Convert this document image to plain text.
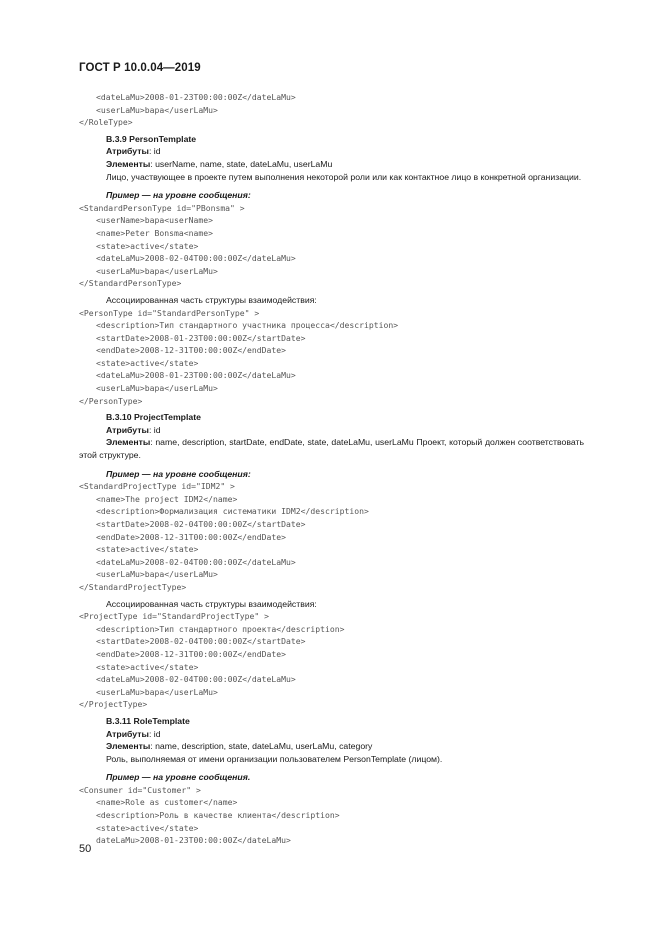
ГОСТ Р 10.0.04—2019
<dateLaMu>2008-01-23T00:00:00Z</dateLaMu>
<userLaMu>bapa</userLaMu>
</RoleType>
B.3.9 PersonTemplate
Атрибуты: id
Элементы: userName, name, state, dateLaMu, userLaMu
Лицо, участвующее в проекте путем выполнения некоторой роли или как контактное лицо в конкретной организации.
Пример — на уровне сообщения:
<StandardPersonType id="PBonsma" >
<userName>bapa<userName>
<name>Peter Bonsma<name>
<state>active</state>
<dateLaMu>2008-02-04T00:00:00Z</dateLaMu>
<userLaMu>bapa</userLaMu>
</StandardPersonType>
Ассоциированная часть структуры взаимодействия:
<PersonType id="StandardPersonType" >
<description>Тип стандартного участника процесса</description>
<startDate>2008-01-23T00:00:00Z</startDate>
<endDate>2008-12-31T00:00:00Z</endDate>
<state>active</state>
<dateLaMu>2008-01-23T00:00:00Z</dateLaMu>
<userLaMu>bapa</userLaMu>
</PersonType>
B.3.10 ProjectTemplate
Атрибуты: id
Элементы: name, description, startDate, endDate, state, dateLaMu, userLaMu Проект, который должен соответствовать этой структуре.
Пример — на уровне сообщения:
<StandardProjectType id="IDM2" >
<name>The project IDM2</name>
<description>Формализация систематики IDM2</description>
<startDate>2008-02-04T00:00:00Z</startDate>
<endDate>2008-12-31T00:00:00Z</endDate>
<state>active</state>
<dateLaMu>2008-02-04T00:00:00Z</dateLaMu>
<userLaMu>bapa</userLaMu>
</StandardProjectType>
Ассоциированная часть структуры взаимодействия:
<ProjectType id="StandardProjectType" >
<description>Тип стандартного проекта</description>
<startDate>2008-02-04T00:00:00Z</startDate>
<endDate>2008-12-31T00:00:00Z</endDate>
<state>active</state>
<dateLaMu>2008-02-04T00:00:00Z</dateLaMu>
<userLaMu>bapa</userLaMu>
</ProjectType>
B.3.11 RoleTemplate
Атрибуты: id
Элементы: name, description, state, dateLaMu, userLaMu, category
Роль, выполняемая от имени организации пользователем PersonTemplate (лицом).
Пример — на уровне сообщения.
<Consumer id="Customer" >
<name>Role as customer</name>
<description>Роль в качестве клиента</description>
<state>active</state>
dateLaMu>2008-01-23T00:00:00Z</dateLaMu>
50
